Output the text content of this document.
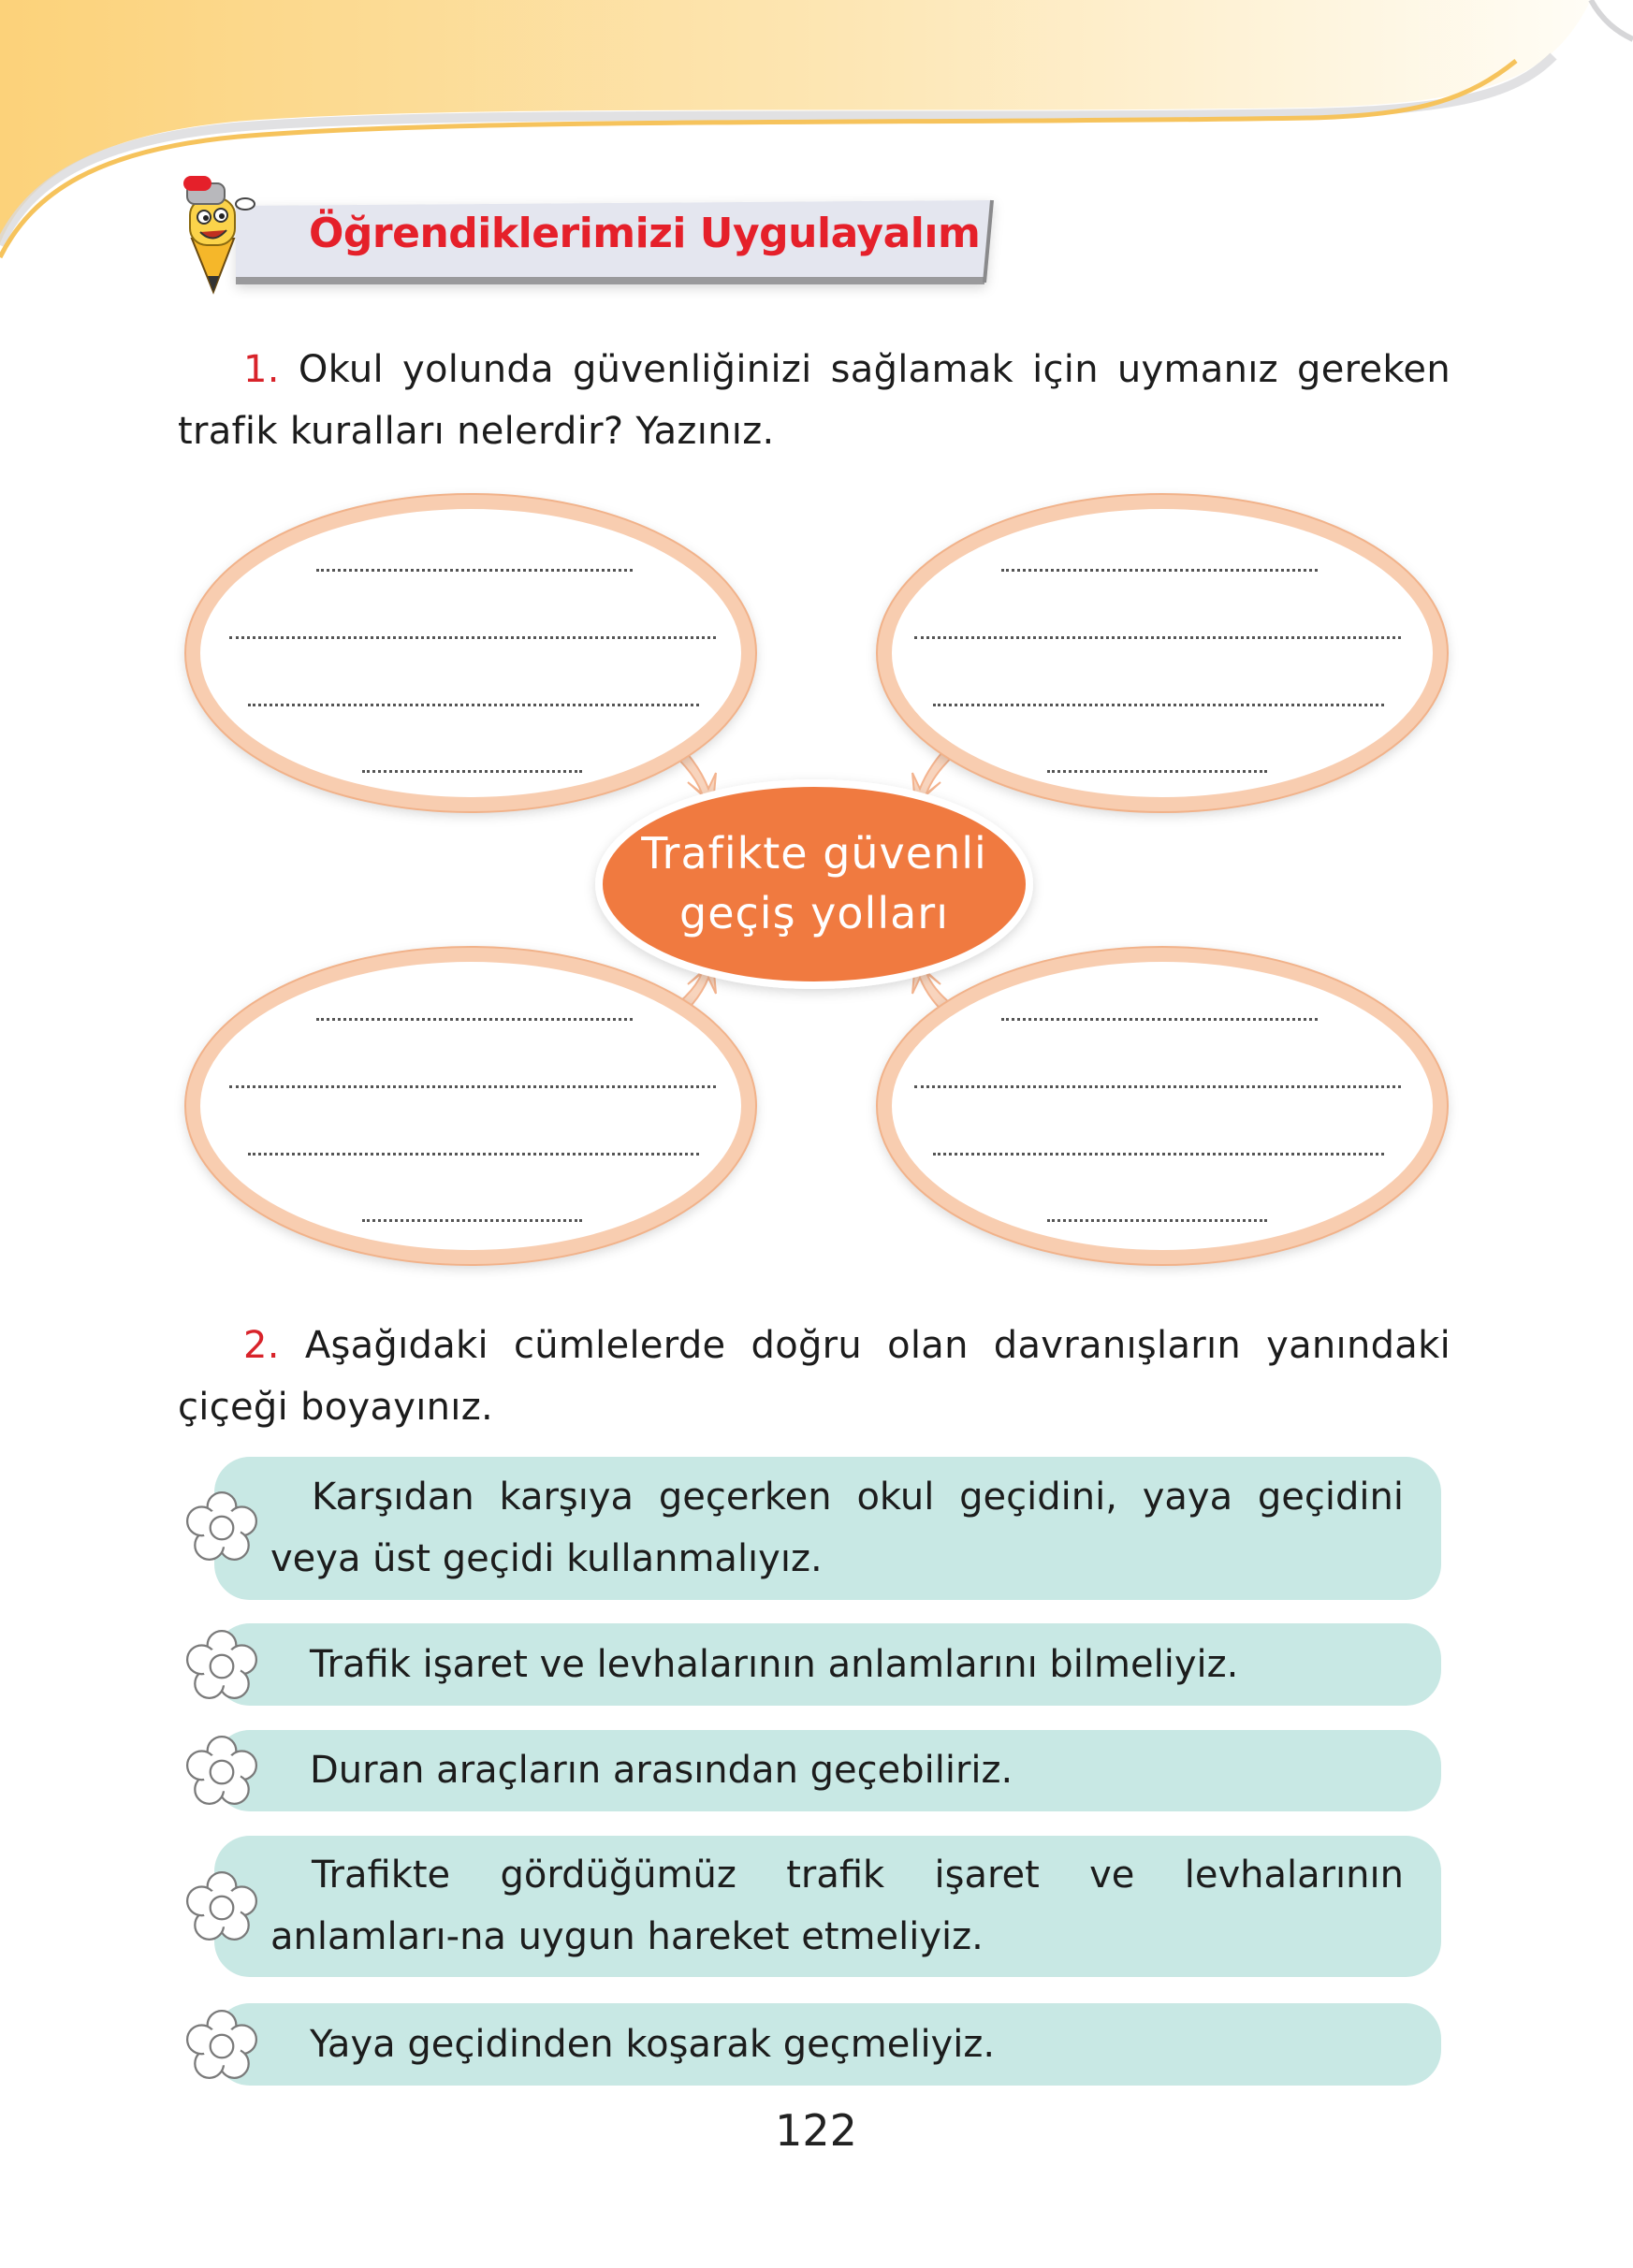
Öğrendiklerimizi Uygulayalım
1. Okul yolunda güvenliğinizi sağlamak için uymanız gereken trafik kuralları nelerdir? Yazınız.
Trafikte güvenli
geçiş yolları
2. Aşağıdaki cümlelerde doğru olan davranışların yanındaki çiçeği boyayınız.
Karşıdan karşıya geçerken okul geçidini, yaya geçidini veya üst geçidi kullanmalıyız.
Trafik işaret ve levhalarının anlamlarını bilmeliyiz.
Duran araçların arasından geçebiliriz.
Trafikte gördüğümüz trafik işaret ve levhalarının anlamları-na uygun hareket etmeliyiz.
Yaya geçidinden koşarak geçmeliyiz.
122
